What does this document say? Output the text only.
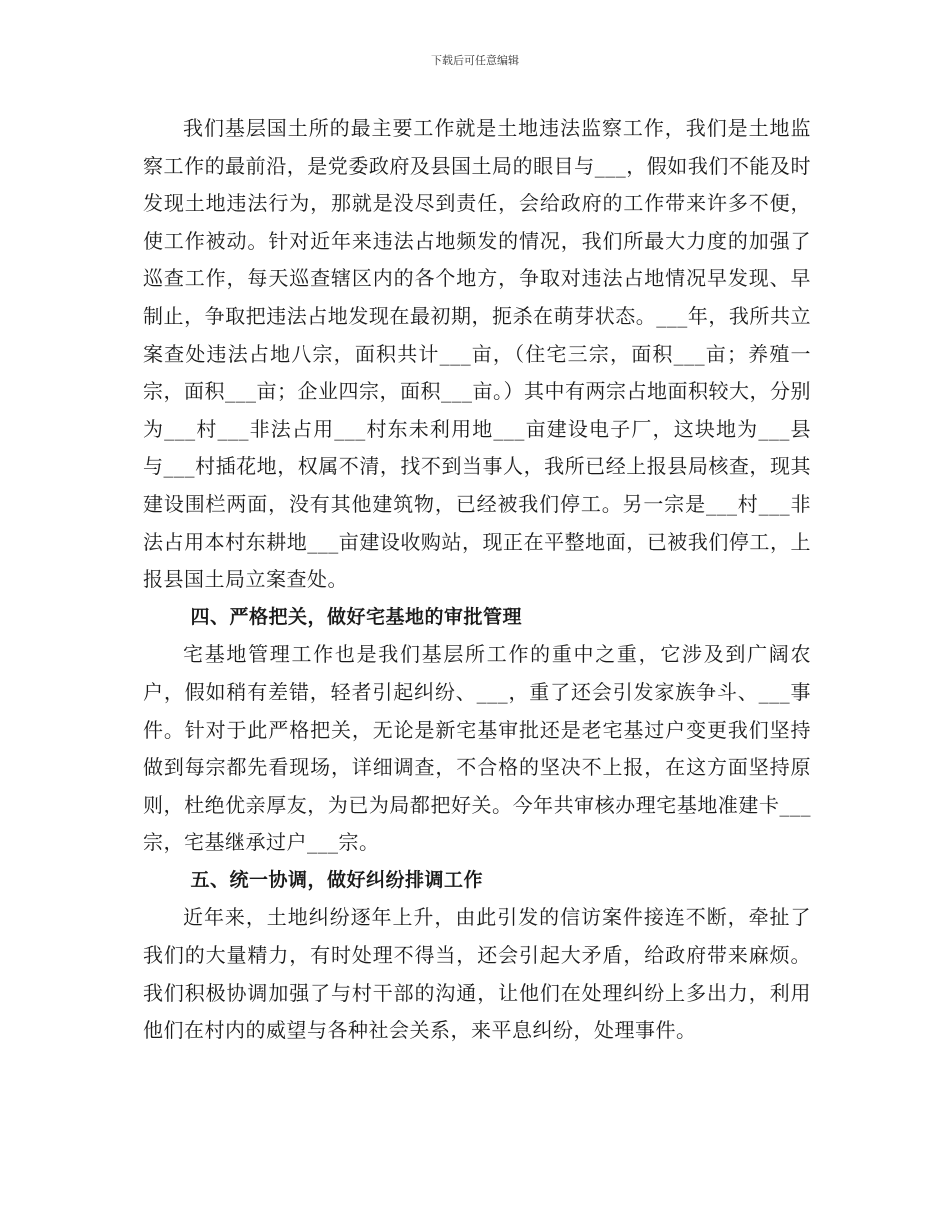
下载后可任意编辑

我们基层国土所的最主要工作就是土地违法监察工作，我们是土地监察工作的最前沿，是党委政府及县国土局的眼目与___，假如我们不能及时发现土地违法行为，那就是没尽到责任，会给政府的工作带来许多不便，使工作被动。针对近年来违法占地频发的情况，我们所最大力度的加强了巡查工作，每天巡查辖区内的各个地方，争取对违法占地情况早发现、早制止，争取把违法占地发现在最初期，扼杀在萌芽状态。___年，我所共立案查处违法占地八宗，面积共计___亩，（住宅三宗，面积___亩；养殖一宗，面积___亩；企业四宗，面积___亩。）其中有两宗占地面积较大，分别为___村___非法占用___村东未利用地___亩建设电子厂，这块地为___县与___村插花地，权属不清，找不到当事人，我所已经上报县局核查，现其建设围栏两面，没有其他建筑物，已经被我们停工。另一宗是___村___非法占用本村东耕地___亩建设收购站，现正在平整地面，已被我们停工，上报县国土局立案查处。

四、严格把关，做好宅基地的审批管理

宅基地管理工作也是我们基层所工作的重中之重，它涉及到广阔农户，假如稍有差错，轻者引起纠纷、___，重了还会引发家族争斗、___事件。针对于此严格把关，无论是新宅基审批还是老宅基过户变更我们坚持做到每宗都先看现场，详细调查，不合格的坚决不上报，在这方面坚持原则，杜绝优亲厚友，为已为局都把好关。今年共审核办理宅基地准建卡___宗，宅基继承过户___宗。

五、统一协调，做好纠纷排调工作

近年来，土地纠纷逐年上升，由此引发的信访案件接连不断，牵扯了我们的大量精力，有时处理不得当，还会引起大矛盾，给政府带来麻烦。我们积极协调加强了与村干部的沟通，让他们在处理纠纷上多出力，利用他们在村内的威望与各种社会关系，来平息纠纷，处理事件。
